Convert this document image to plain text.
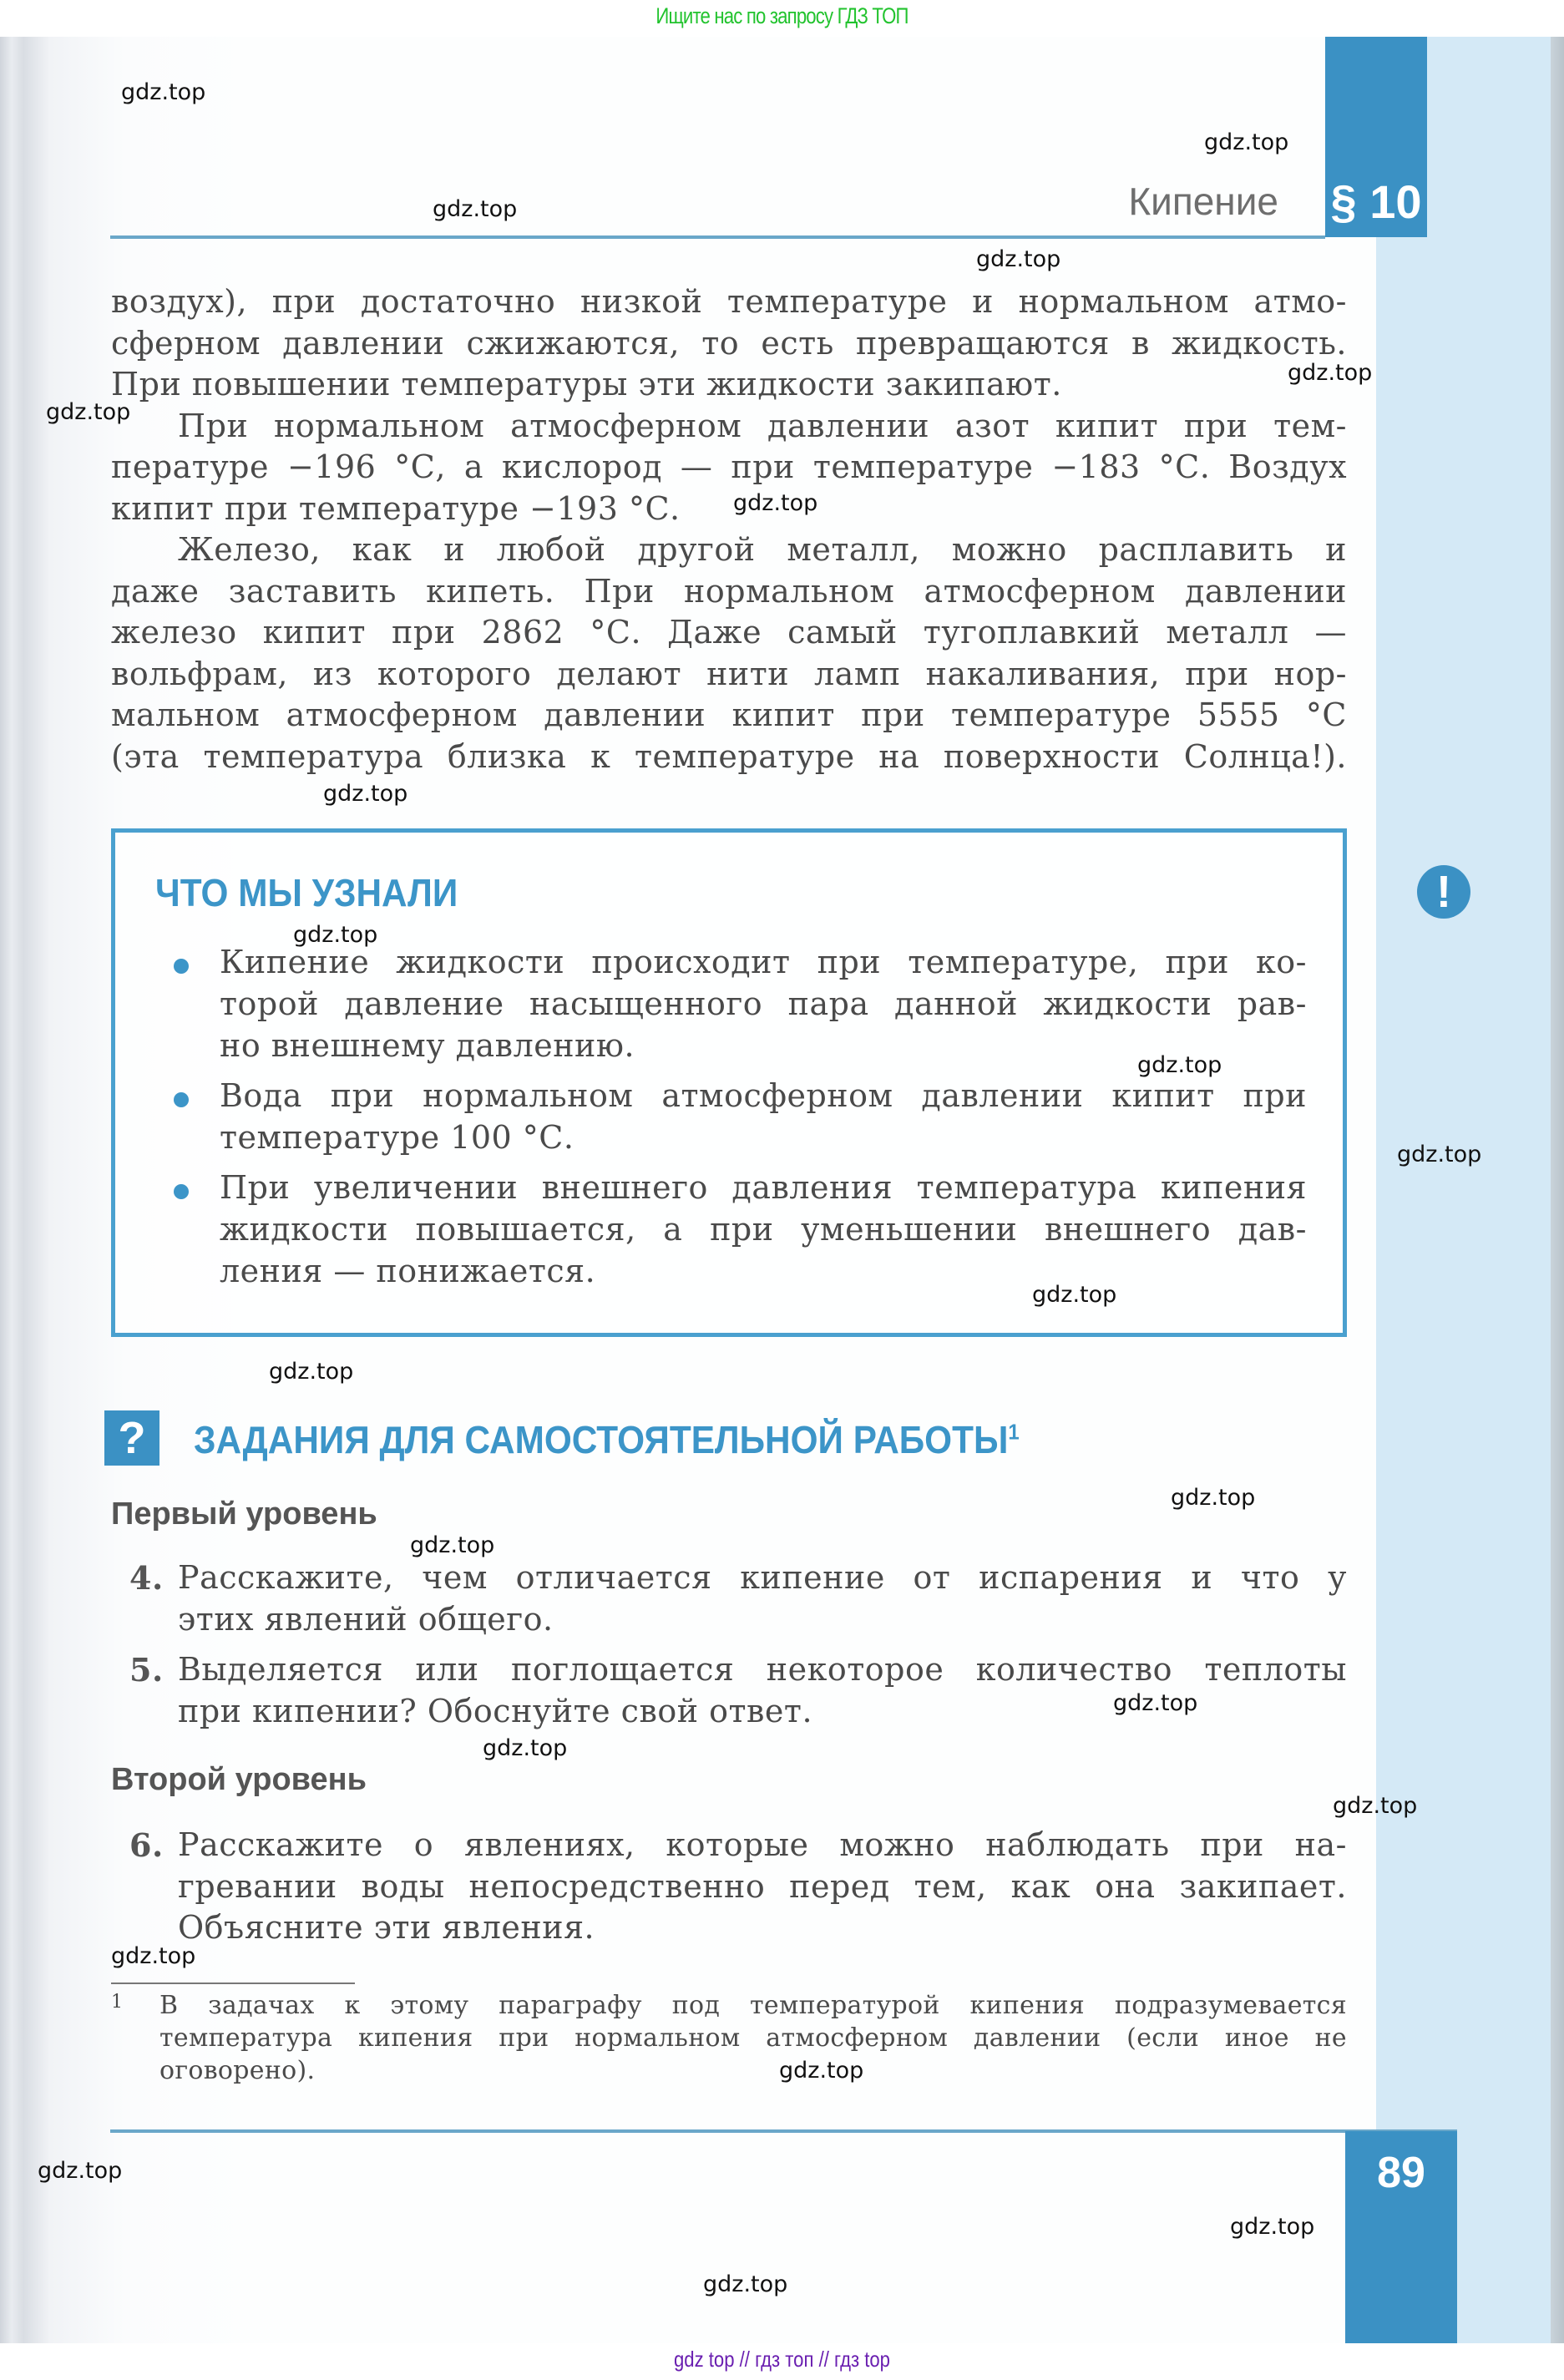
Ищите нас по запросу ГДЗ ТОП
§ 10
Кипение
89
воздух), при достаточно низкой температуре и нормальном атмо-
сферном давлении сжижаются, то есть превращаются в жидкость.
При повышении температуры эти жидкости закипают.
При нормальном атмосферном давлении азот кипит при тем-
пературе −196 °С, а кислород — при температуре −183 °С. Воздух
кипит при температуре −193 °С.
Железо, как и любой другой металл, можно расплавить и
даже заставить кипеть. При нормальном атмосферном давлении
железо кипит при 2862 °С. Даже самый тугоплавкий металл —
вольфрам, из которого делают нити ламп накаливания, при нор-
мальном атмосферном давлении кипит при температуре 5555 °С
(эта температура близка к температуре на поверхности Солнца!).
ЧТО МЫ УЗНАЛИ
Кипение жидкости происходит при температуре, при ко-
торой давление насыщенного пара данной жидкости рав-
но внешнему давлению.
Вода при нормальном атмосферном давлении кипит при
температуре 100 °С.
При увеличении внешнего давления температура кипения
жидкости повышается, а при уменьшении внешнего дав-
ления — понижается.
!
?	ЗАДАНИЯ ДЛЯ САМОСТОЯТЕЛЬНОЙ РАБОТЫ$^1$
Первый уровень
4. Расскажите, чем отличается кипение от испарения и что у
этих явлений общего.
5. Выделяется или поглощается некоторое количество теплоты
при кипении? Обоснуйте свой ответ.
Второй уровень
6. Расскажите о явлениях, которые можно наблюдать при на-
гревании воды непосредственно перед тем, как она закипает.
Объясните эти явления.
1 В задачах к этому параграфу под температурой кипения подразумевается
температура кипения при нормальном атмосферном давлении (если иное не
оговорено).
gdz.top
gdz.top
gdz.top
gdz.top
gdz.top
gdz.top
gdz.top
gdz.top
gdz.top
gdz.top
gdz.top
gdz.top
gdz.top
gdz.top
gdz.top
gdz.top
gdz.top
gdz.top
gdz.top
gdz.top
gdz.top
gdz.top
gdz.top
gdz top // гдз топ // гдз top
